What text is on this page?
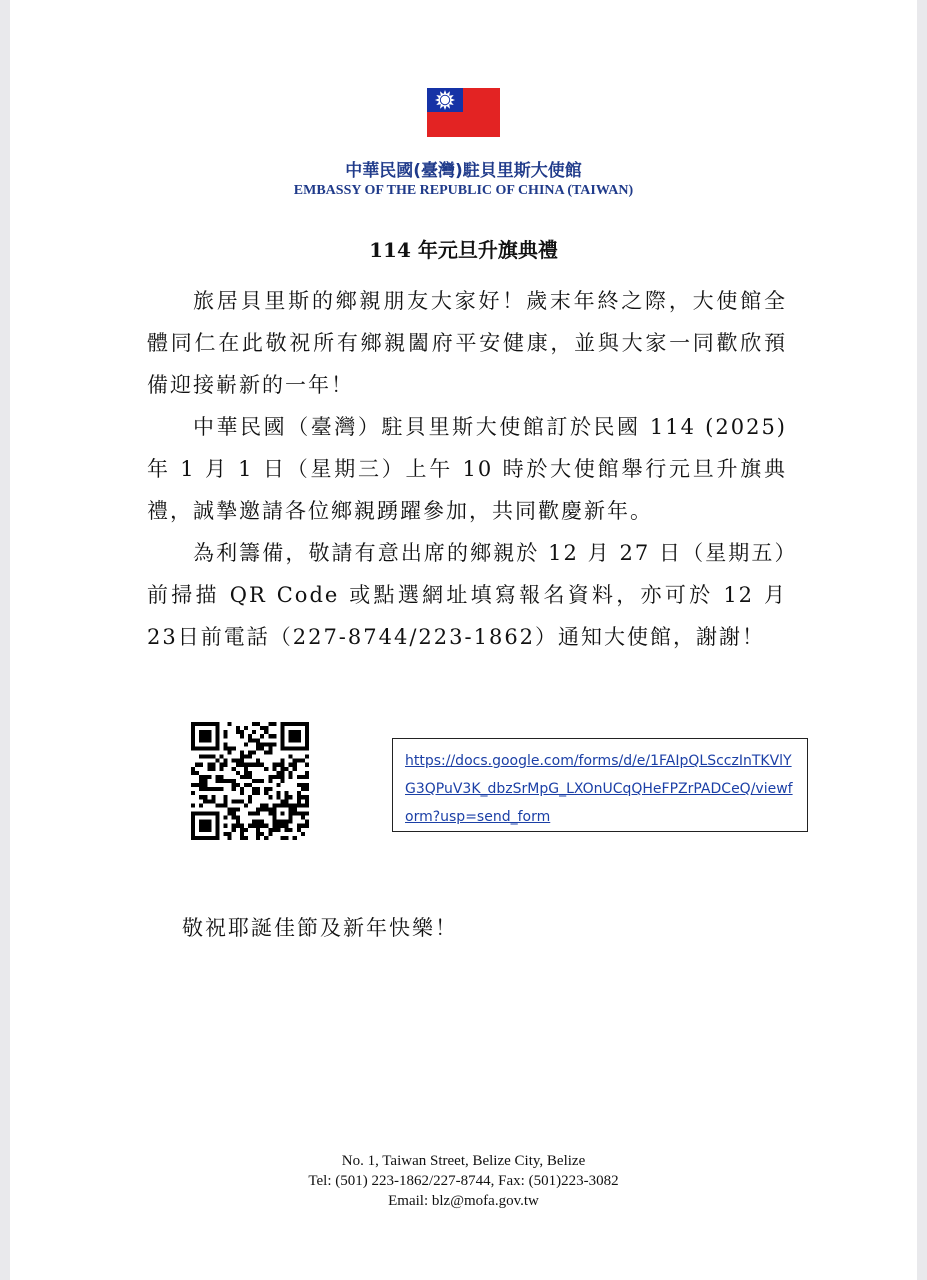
中華民國(臺灣)駐貝里斯大使館
EMBASSY OF THE REPUBLIC OF CHINA (TAIWAN)
114 年元旦升旗典禮

旅居貝里斯的鄉親朋友大家好！歲末年終之際，大使館全體同仁在此敬祝所有鄉親闔府平安健康，並與大家一同歡欣預備迎接嶄新的一年！

中華民國（臺灣）駐貝里斯大使館訂於民國 114 (2025)年 1 月 1 日（星期三）上午 10 時於大使館舉行元旦升旗典禮，誠摯邀請各位鄉親踴躍參加，共同歡慶新年。

為利籌備，敬請有意出席的鄉親於 12 月 27 日（星期五）前掃描 QR Code 或點選網址填寫報名資料，亦可於 12 月 23日前電話（227-8744/223-1862）通知大使館，謝謝！

https://docs.google.com/forms/d/e/1FAIpQLScczInTKVlYG3QPuV3K_dbzSrMpG_LXOnUCqQHeFPZrPADCeQ/viewform?usp=send_form
敬祝耶誕佳節及新年快樂！
No. 1, Taiwan Street, Belize City, Belize
Tel: (501) 223-1862/227-8744, Fax: (501)223-3082
Email: blz@mofa.gov.tw
